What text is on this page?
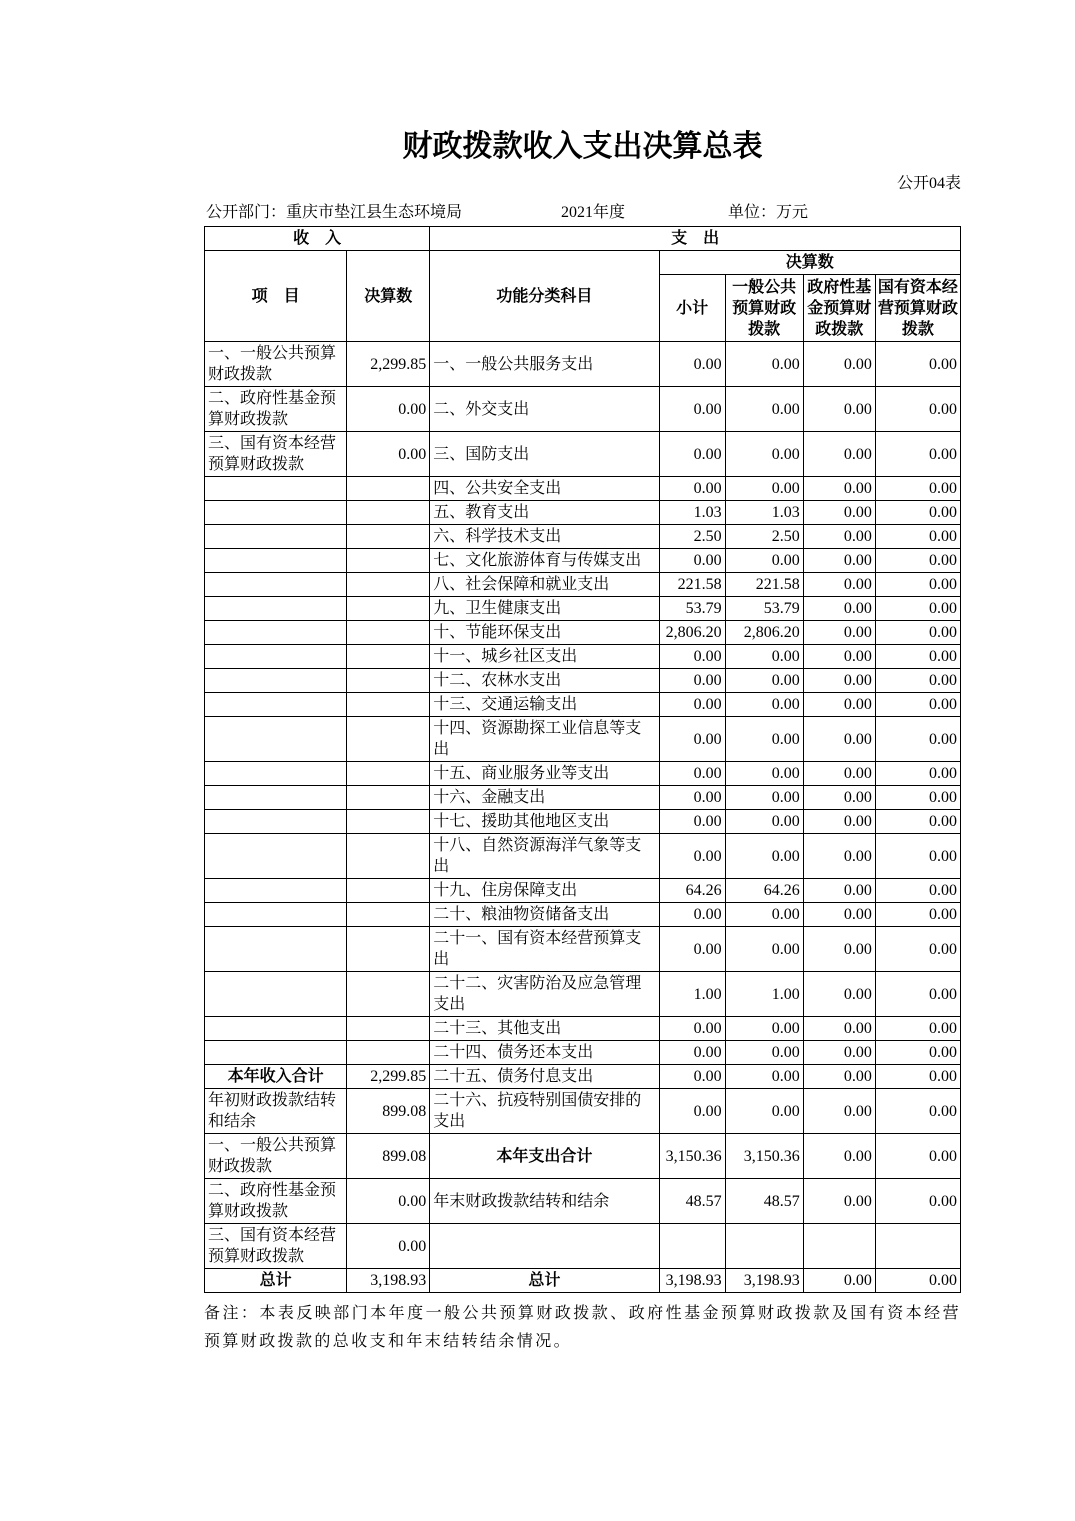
财政拨款收入支出决算总表
公开04表
公开部门：重庆市垫江县生态环境局	2021年度	单位：万元
收　入		支　出				
项　目	决算数	功能分类科目	决算数			
			小计	一般公共预算财政拨款	政府性基金预算财政拨款	国有资本经营预算财政拨款
一、一般公共预算财政拨款	2,299.85	一、一般公共服务支出	0.00	0.00	0.00	0.00
二、政府性基金预算财政拨款	0.00	二、外交支出	0.00	0.00	0.00	0.00
三、国有资本经营预算财政拨款	0.00	三、国防支出	0.00	0.00	0.00	0.00
		四、公共安全支出	0.00	0.00	0.00	0.00
		五、教育支出	1.03	1.03	0.00	0.00
		六、科学技术支出	2.50	2.50	0.00	0.00
		七、文化旅游体育与传媒支出	0.00	0.00	0.00	0.00
		八、社会保障和就业支出	221.58	221.58	0.00	0.00
		九、卫生健康支出	53.79	53.79	0.00	0.00
		十、节能环保支出	2,806.20	2,806.20	0.00	0.00
		十一、城乡社区支出	0.00	0.00	0.00	0.00
		十二、农林水支出	0.00	0.00	0.00	0.00
		十三、交通运输支出	0.00	0.00	0.00	0.00
		十四、资源勘探工业信息等支出	0.00	0.00	0.00	0.00
		十五、商业服务业等支出	0.00	0.00	0.00	0.00
		十六、金融支出	0.00	0.00	0.00	0.00
		十七、援助其他地区支出	0.00	0.00	0.00	0.00
		十八、自然资源海洋气象等支出	0.00	0.00	0.00	0.00
		十九、住房保障支出	64.26	64.26	0.00	0.00
		二十、粮油物资储备支出	0.00	0.00	0.00	0.00
		二十一、国有资本经营预算支出	0.00	0.00	0.00	0.00
		二十二、灾害防治及应急管理支出	1.00	1.00	0.00	0.00
		二十三、其他支出	0.00	0.00	0.00	0.00
		二十四、债务还本支出	0.00	0.00	0.00	0.00
本年收入合计	2,299.85	二十五、债务付息支出	0.00	0.00	0.00	0.00
年初财政拨款结转和结余	899.08	二十六、抗疫特别国债安排的支出	0.00	0.00	0.00	0.00
一、一般公共预算财政拨款	899.08	本年支出合计	3,150.36	3,150.36	0.00	0.00
二、政府性基金预算财政拨款	0.00	年末财政拨款结转和结余	48.57	48.57	0.00	0.00
三、国有资本经营预算财政拨款	0.00					
总计	3,198.93	总计	3,198.93	3,198.93	0.00	0.00

备注：本表反映部门本年度一般公共预算财政拨款、政府性基金预算财政拨款及国有资本经营预算财政拨款的总收支和年末结转结余情况。
